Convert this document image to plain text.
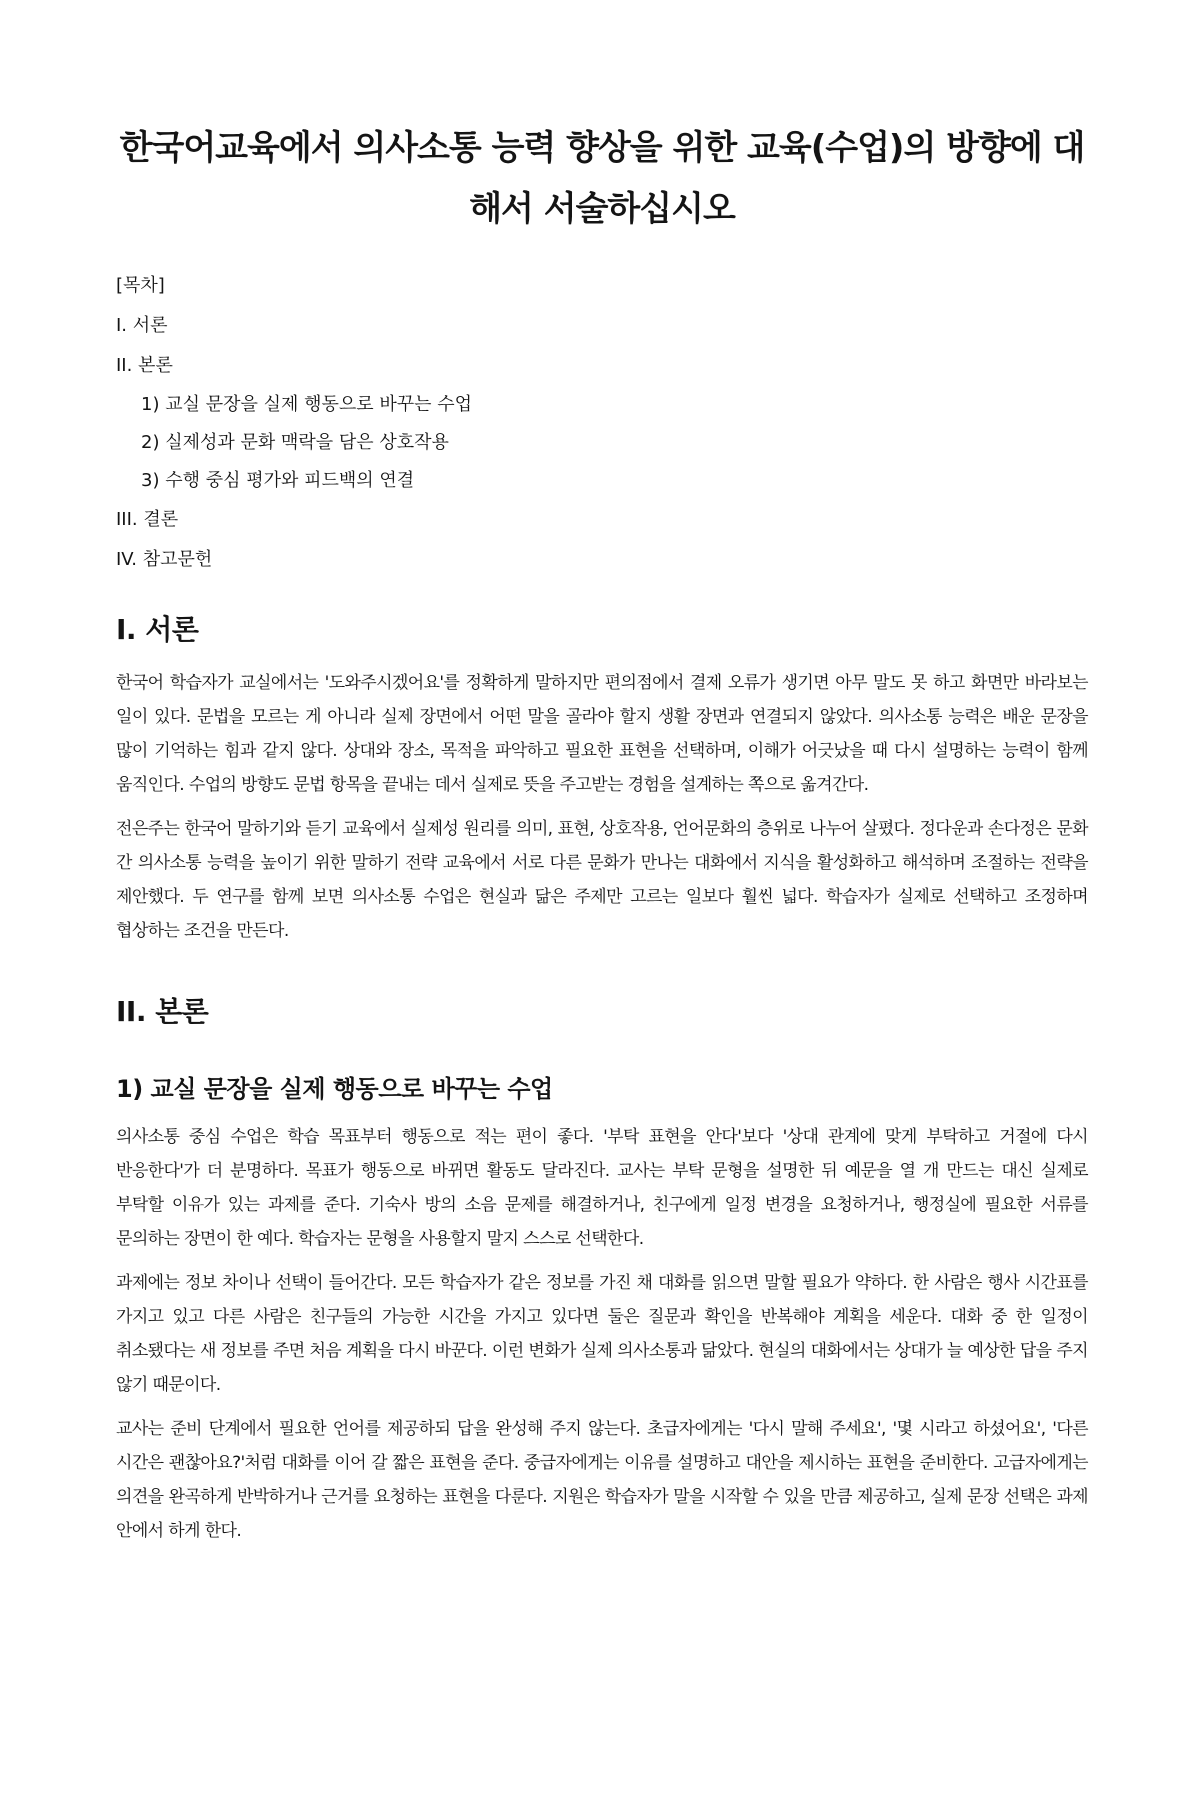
한국어교육에서 의사소통 능력 향상을 위한 교육(수업)의 방향에 대해서 서술하십시오
[목차]
I. 서론
II. 본론
1) 교실 문장을 실제 행동으로 바꾸는 수업
2) 실제성과 문화 맥락을 담은 상호작용
3) 수행 중심 평가와 피드백의 연결
III. 결론
IV. 참고문헌
I. 서론

한국어 학습자가 교실에서는 '도와주시겠어요'를 정확하게 말하지만 편의점에서 결제 오류가 생기면 아무 말도 못 하고 화면만 바라보는 일이 있다. 문법을 모르는 게 아니라 실제 장면에서 어떤 말을 골라야 할지 생활 장면과 연결되지 않았다. 의사소통 능력은 배운 문장을 많이 기억하는 힘과 같지 않다. 상대와 장소, 목적을 파악하고 필요한 표현을 선택하며, 이해가 어긋났을 때 다시 설명하는 능력이 함께 움직인다. 수업의 방향도 문법 항목을 끝내는 데서 실제로 뜻을 주고받는 경험을 설계하는 쪽으로 옮겨간다.

전은주는 한국어 말하기와 듣기 교육에서 실제성 원리를 의미, 표현, 상호작용, 언어문화의 층위로 나누어 살폈다. 정다운과 손다정은 문화 간 의사소통 능력을 높이기 위한 말하기 전략 교육에서 서로 다른 문화가 만나는 대화에서 지식을 활성화하고 해석하며 조절하는 전략을 제안했다. 두 연구를 함께 보면 의사소통 수업은 현실과 닮은 주제만 고르는 일보다 훨씬 넓다. 학습자가 실제로 선택하고 조정하며 협상하는 조건을 만든다.

II. 본론
1) 교실 문장을 실제 행동으로 바꾸는 수업

의사소통 중심 수업은 학습 목표부터 행동으로 적는 편이 좋다. '부탁 표현을 안다'보다 '상대 관계에 맞게 부탁하고 거절에 다시 반응한다'가 더 분명하다. 목표가 행동으로 바뀌면 활동도 달라진다. 교사는 부탁 문형을 설명한 뒤 예문을 열 개 만드는 대신 실제로 부탁할 이유가 있는 과제를 준다. 기숙사 방의 소음 문제를 해결하거나, 친구에게 일정 변경을 요청하거나, 행정실에 필요한 서류를 문의하는 장면이 한 예다. 학습자는 문형을 사용할지 말지 스스로 선택한다.

과제에는 정보 차이나 선택이 들어간다. 모든 학습자가 같은 정보를 가진 채 대화를 읽으면 말할 필요가 약하다. 한 사람은 행사 시간표를 가지고 있고 다른 사람은 친구들의 가능한 시간을 가지고 있다면 둘은 질문과 확인을 반복해야 계획을 세운다. 대화 중 한 일정이 취소됐다는 새 정보를 주면 처음 계획을 다시 바꾼다. 이런 변화가 실제 의사소통과 닮았다. 현실의 대화에서는 상대가 늘 예상한 답을 주지 않기 때문이다.

교사는 준비 단계에서 필요한 언어를 제공하되 답을 완성해 주지 않는다. 초급자에게는 '다시 말해 주세요', '몇 시라고 하셨어요', '다른 시간은 괜찮아요?'처럼 대화를 이어 갈 짧은 표현을 준다. 중급자에게는 이유를 설명하고 대안을 제시하는 표현을 준비한다. 고급자에게는 의견을 완곡하게 반박하거나 근거를 요청하는 표현을 다룬다. 지원은 학습자가 말을 시작할 수 있을 만큼 제공하고, 실제 문장 선택은 과제 안에서 하게 한다.
